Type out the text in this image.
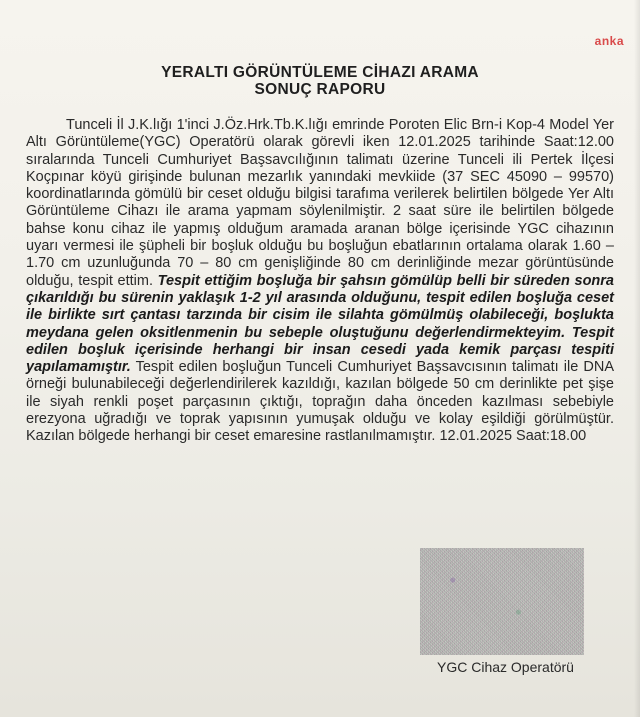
anka
YERALTI GÖRÜNTÜLEME CİHAZI ARAMA
SONUÇ RAPORU
Tunceli İl J.K.lığı 1'inci J.Öz.Hrk.Tb.K.lığı emrinde Poroten Elic Brn-i Kop-4 Model Yer Altı Görüntüleme(YGC) Operatörü olarak görevli iken 12.01.2025 tarihinde Saat:12.00 sıralarında Tunceli Cumhuriyet Başsavcılığının talimatı üzerine Tunceli ili Pertek İlçesi Koçpınar köyü girişinde bulunan mezarlık yanındaki mevkiide (37 SEC 45090 – 99570) koordinatlarında gömülü bir ceset olduğu bilgisi tarafıma verilerek belirtilen bölgede Yer Altı Görüntüleme Cihazı ile arama yapmam söylenilmiştir. 2 saat süre ile belirtilen bölgede bahse konu cihaz ile yapmış olduğum aramada aranan bölge içerisinde YGC cihazının uyarı vermesi ile şüpheli bir boşluk olduğu bu boşluğun ebatlarının ortalama olarak 1.60 – 1.70 cm uzunluğunda 70 – 80 cm genişliğinde 80 cm derinliğinde mezar görüntüsünde olduğu, tespit ettim. Tespit ettiğim boşluğa bir şahsın gömülüp belli bir süreden sonra çıkarıldığı bu sürenin yaklaşık 1-2 yıl arasında olduğunu, tespit edilen boşluğa ceset ile birlikte sırt çantası tarzında bir cisim ile silahta gömülmüş olabileceği, boşlukta meydana gelen oksitlenmenin bu sebeple oluştuğunu değerlendirmekteyim. Tespit edilen boşluk içerisinde herhangi bir insan cesedi yada kemik parçası tespiti yapılamamıştır. Tespit edilen boşluğun Tunceli Cumhuriyet Başsavcısının talimatı ile DNA örneği bulunabileceği değerlendirilerek kazıldığı, kazılan bölgede 50 cm derinlikte pet şişe ile siyah renkli poşet parçasının çıktığı, toprağın daha önceden kazılması sebebiyle erezyona uğradığı ve toprak yapısının yumuşak olduğu ve kolay eşildiği görülmüştür. Kazılan bölgede herhangi bir ceset emaresine rastlanılmamıştır. 12.01.2025 Saat:18.00
YGC Cihaz Operatörü
